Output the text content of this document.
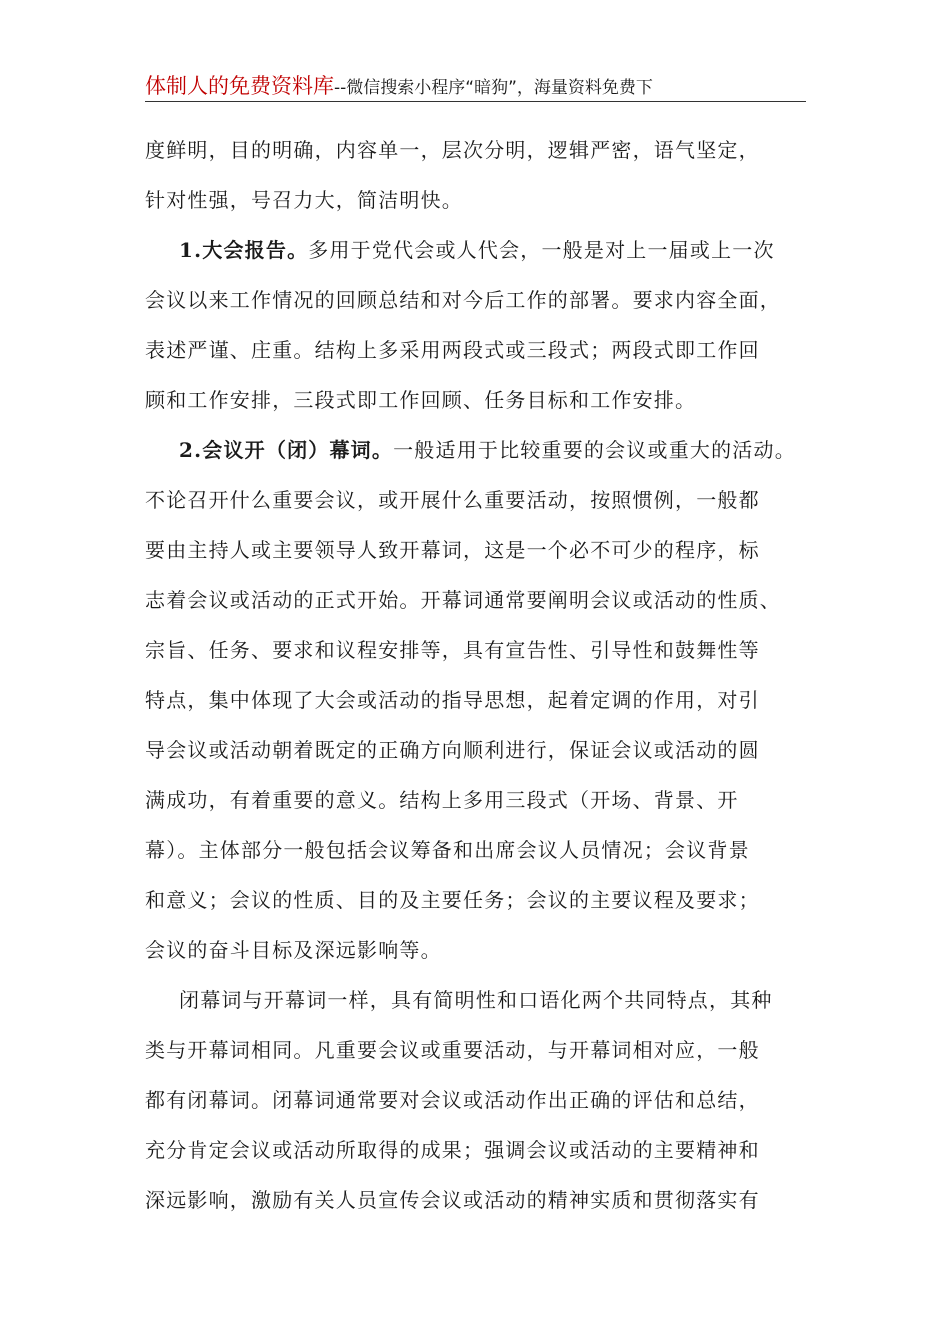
体制人的免费资料库--微信搜索小程序“暗狗”，海量资料免费下
度鲜明，目的明确，内容单一，层次分明，逻辑严密，语气坚定，
针对性强，号召力大，简洁明快。
1.大会报告。多用于党代会或人代会，一般是对上一届或上一次
会议以来工作情况的回顾总结和对今后工作的部署。要求内容全面，
表述严谨、庄重。结构上多采用两段式或三段式；两段式即工作回
顾和工作安排，三段式即工作回顾、任务目标和工作安排。
2.会议开（闭）幕词。一般适用于比较重要的会议或重大的活动。
不论召开什么重要会议，或开展什么重要活动，按照惯例，一般都
要由主持人或主要领导人致开幕词，这是一个必不可少的程序，标
志着会议或活动的正式开始。开幕词通常要阐明会议或活动的性质、
宗旨、任务、要求和议程安排等，具有宣告性、引导性和鼓舞性等
特点，集中体现了大会或活动的指导思想，起着定调的作用，对引
导会议或活动朝着既定的正确方向顺利进行，保证会议或活动的圆
满成功，有着重要的意义。结构上多用三段式（开场、背景、开
幕）。主体部分一般包括会议筹备和出席会议人员情况；会议背景
和意义；会议的性质、目的及主要任务；会议的主要议程及要求；
会议的奋斗目标及深远影响等。
闭幕词与开幕词一样，具有简明性和口语化两个共同特点，其种
类与开幕词相同。凡重要会议或重要活动，与开幕词相对应，一般
都有闭幕词。闭幕词通常要对会议或活动作出正确的评估和总结，
充分肯定会议或活动所取得的成果；强调会议或活动的主要精神和
深远影响，激励有关人员宣传会议或活动的精神实质和贯彻落实有
